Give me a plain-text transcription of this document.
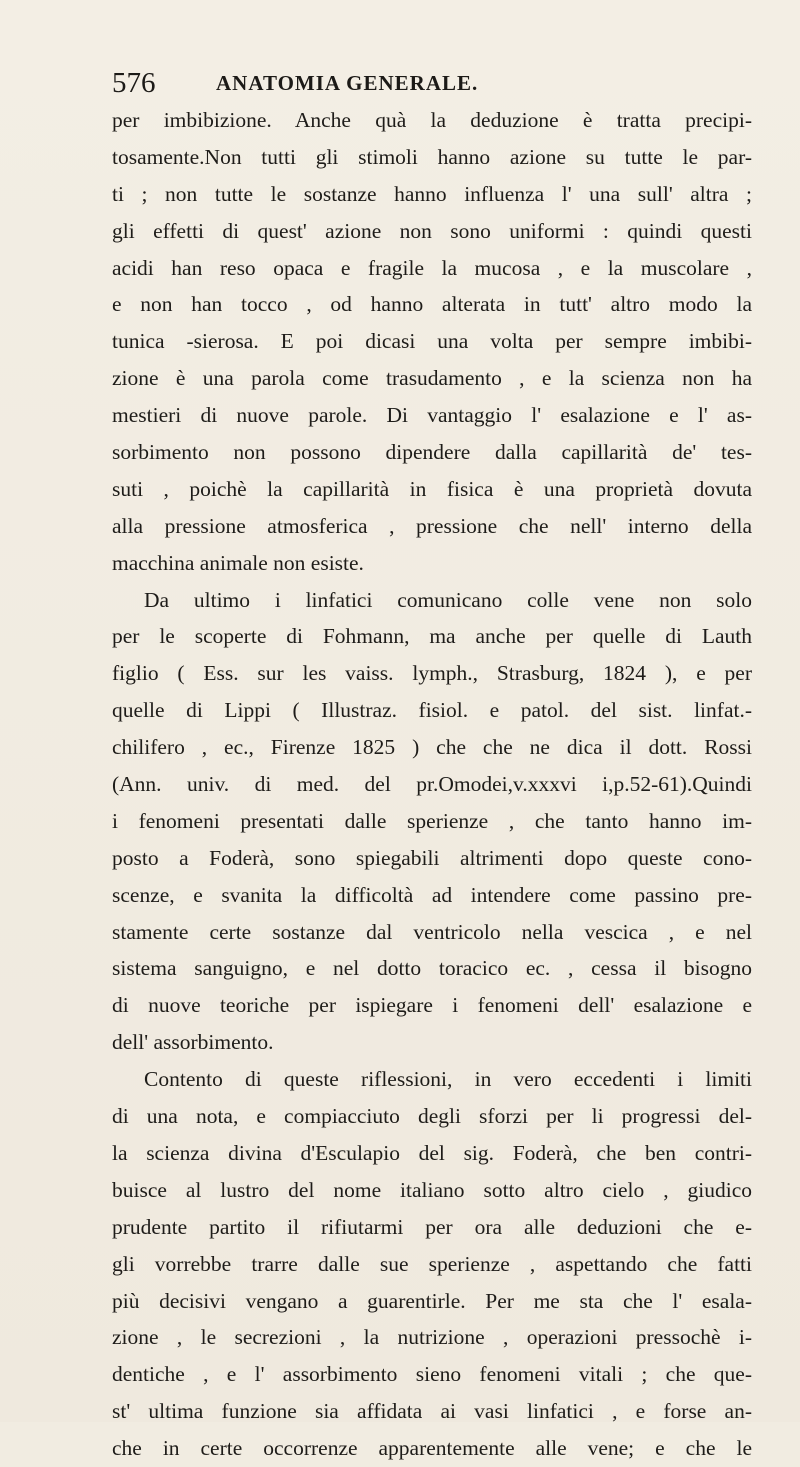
576	ANATOMIA GENERALE.
per imbibizione. Anche quà la deduzione è tratta precipi-
tosamente.Non tutti gli stimoli hanno azione su tutte le par-
ti ; non tutte le sostanze hanno influenza l' una sull' altra ;
gli effetti di quest' azione non sono uniformi : quindi questi
acidi han reso opaca e fragile la mucosa , e la muscolare ,
e non han tocco , od hanno alterata in tutt' altro modo la
tunica -sierosa. E poi dicasi una volta per sempre imbibi-
zione è una parola come trasudamento , e la scienza non ha
mestieri di nuove parole. Di vantaggio l' esalazione e l' as-
sorbimento non possono dipendere dalla capillarità de' tes-
suti , poichè la capillarità in fisica è una proprietà dovuta
alla pressione atmosferica , pressione che nell' interno della
macchina animale non esiste.
Da ultimo i linfatici comunicano colle vene non solo
per le scoperte di Fohmann, ma anche per quelle di Lauth
figlio ( Ess. sur les vaiss. lymph., Strasburg, 1824 ), e per
quelle di Lippi ( Illustraz. fisiol. e patol. del sist. linfat.-
chilifero , ec., Firenze 1825 ) che che ne dica il dott. Rossi
(Ann. univ. di med. del pr.Omodei,v.xxxvi i,p.52-61).Quindi
i fenomeni presentati dalle sperienze , che tanto hanno im-
posto a Foderà, sono spiegabili altrimenti dopo queste cono-
scenze, e svanita la difficoltà ad intendere come passino pre-
stamente certe sostanze dal ventricolo nella vescica , e nel
sistema sanguigno, e nel dotto toracico ec. , cessa il bisogno
di nuove teoriche per ispiegare i fenomeni dell' esalazione e
dell' assorbimento.
Contento di queste riflessioni, in vero eccedenti i limiti
di una nota, e compiacciuto degli sforzi per li progressi del-
la scienza divina d'Esculapio del sig. Foderà, che ben contri-
buisce al lustro del nome italiano sotto altro cielo , giudico
prudente partito il rifiutarmi per ora alle deduzioni che e-
gli vorrebbe trarre dalle sue sperienze , aspettando che fatti
più decisivi vengano a guarentirle. Per me sta che l' esala-
zione , le secrezioni , la nutrizione , operazioni pressochè i-
dentiche , e l' assorbimento sieno fenomeni vitali ; che que-
st' ultima funzione sia affidata ai vasi linfatici , e forse an-
che in certe occorrenze apparentemente alle vene; e che le
